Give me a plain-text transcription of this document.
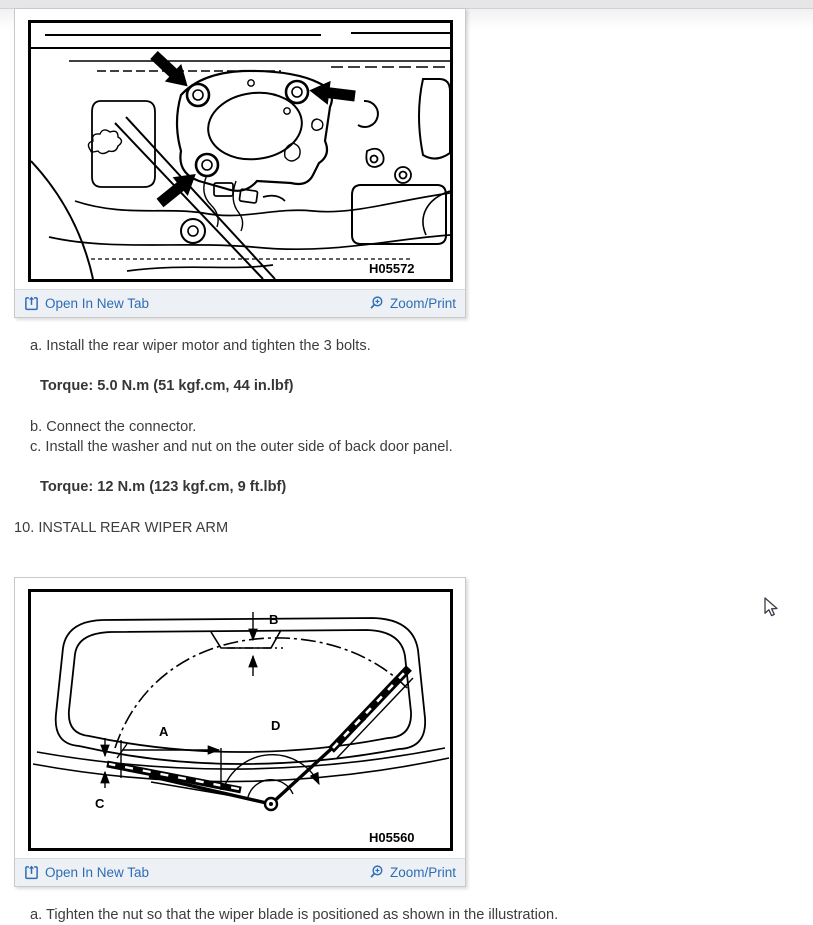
H05572
Open In New Tab	Zoom/Print
a. Install the rear wiper motor and tighten the 3 bolts.
Torque: 5.0 N.m (51 kgf.cm, 44 in.lbf)
b. Connect the connector.
c. Install the washer and nut on the outer side of back door panel.
Torque: 12 N.m (123 kgf.cm, 9 ft.lbf)
10. INSTALL REAR WIPER ARM
B
A
C
D
H05560
Open In New Tab	Zoom/Print
a. Tighten the nut so that the wiper blade is positioned as shown in the illustration.
